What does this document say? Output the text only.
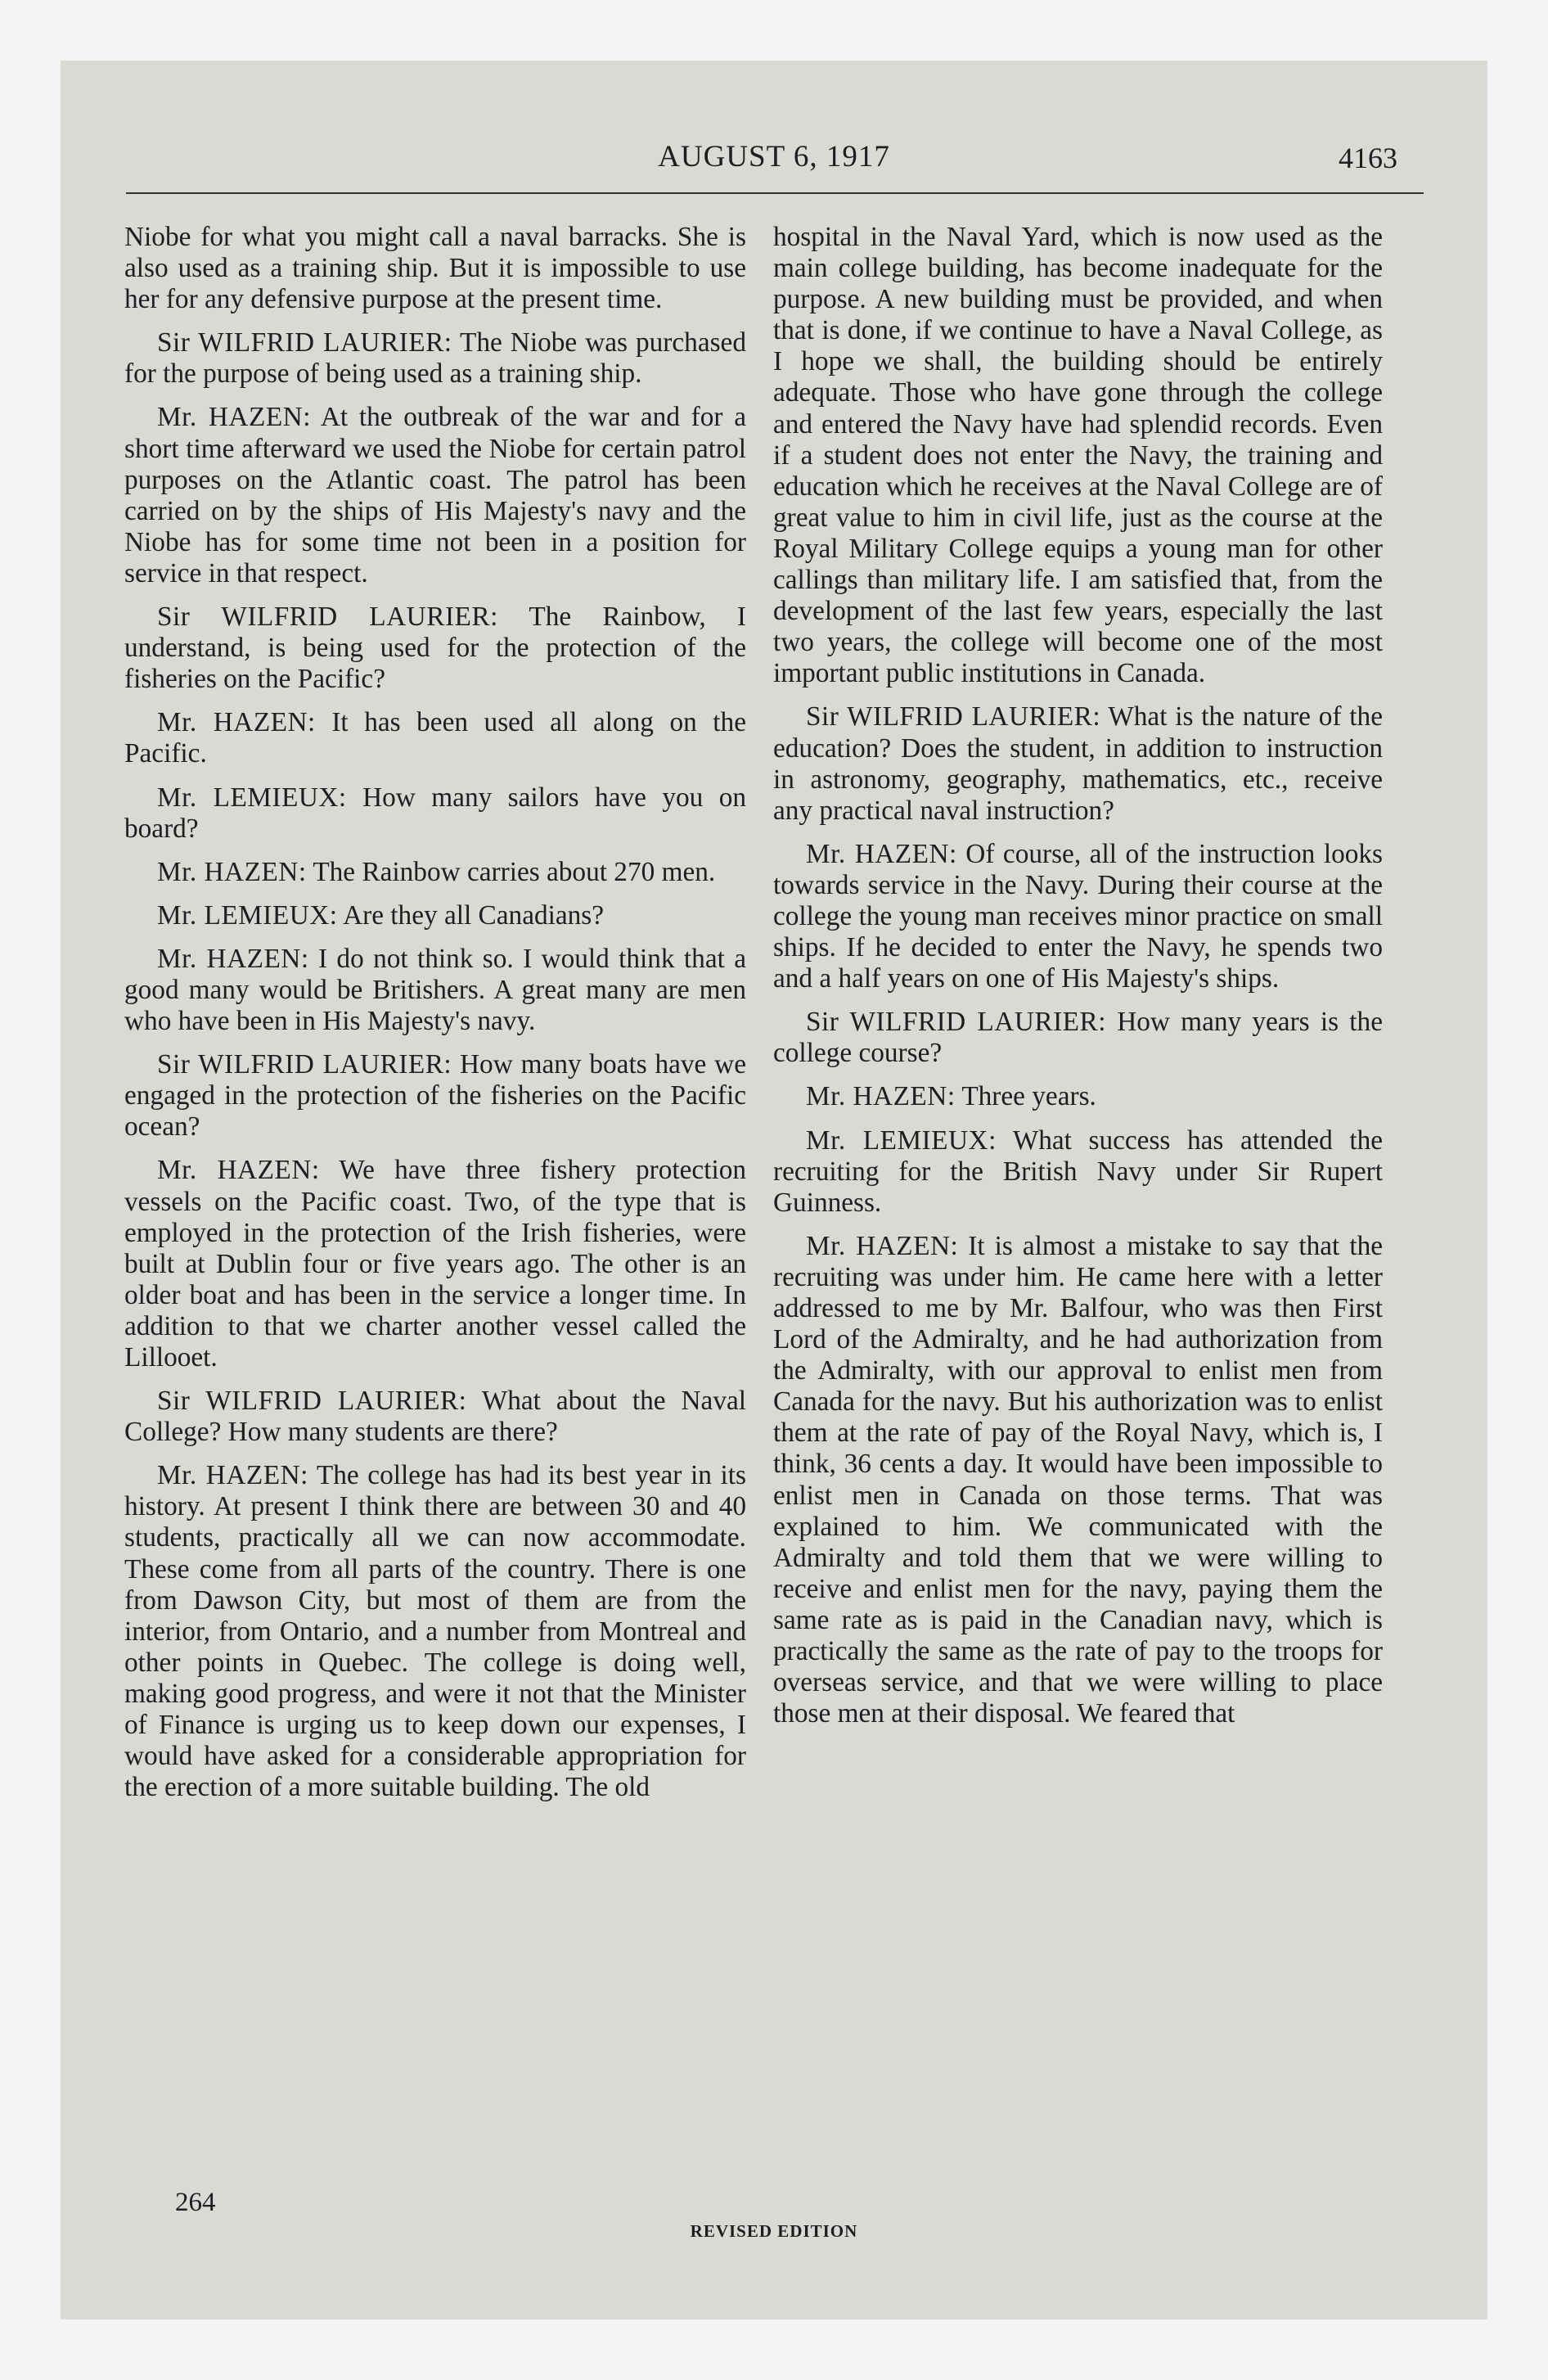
AUGUST 6, 1917	4163

Niobe for what you might call a naval barracks. She is also used as a training ship. But it is impossible to use her for any defensive purpose at the present time.

Sir WILFRID LAURIER: The Niobe was purchased for the purpose of being used as a training ship.

Mr. HAZEN: At the outbreak of the war and for a short time afterward we used the Niobe for certain patrol purposes on the Atlantic coast. The patrol has been carried on by the ships of His Majesty's navy and the Niobe has for some time not been in a position for service in that respect.

Sir WILFRID LAURIER: The Rainbow, I understand, is being used for the protection of the fisheries on the Pacific?

Mr. HAZEN: It has been used all along on the Pacific.

Mr. LEMIEUX: How many sailors have you on board?

Mr. HAZEN: The Rainbow carries about 270 men.

Mr. LEMIEUX: Are they all Canadians?

Mr. HAZEN: I do not think so. I would think that a good many would be Britishers. A great many are men who have been in His Majesty's navy.

Sir WILFRID LAURIER: How many boats have we engaged in the protection of the fisheries on the Pacific ocean?

Mr. HAZEN: We have three fishery protection vessels on the Pacific coast. Two, of the type that is employed in the protection of the Irish fisheries, were built at Dublin four or five years ago. The other is an older boat and has been in the service a longer time. In addition to that we charter another vessel called the Lillooet.

Sir WILFRID LAURIER: What about the Naval College? How many students are there?

Mr. HAZEN: The college has had its best year in its history. At present I think there are between 30 and 40 students, practically all we can now accommodate. These come from all parts of the country. There is one from Dawson City, but most of them are from the interior, from Ontario, and a number from Montreal and other points in Quebec. The college is doing well, making good progress, and were it not that the Minister of Finance is urging us to keep down our expenses, I would have asked for a considerable appropriation for the erection of a more suitable building. The old

hospital in the Naval Yard, which is now used as the main college building, has become inadequate for the purpose. A new building must be provided, and when that is done, if we continue to have a Naval College, as I hope we shall, the building should be entirely adequate. Those who have gone through the college and entered the Navy have had splendid records. Even if a student does not enter the Navy, the training and education which he receives at the Naval College are of great value to him in civil life, just as the course at the Royal Military College equips a young man for other callings than military life. I am satisfied that, from the development of the last few years, especially the last two years, the college will become one of the most important public institutions in Canada.

Sir WILFRID LAURIER: What is the nature of the education? Does the student, in addition to instruction in astronomy, geography, mathematics, etc., receive any practical naval instruction?

Mr. HAZEN: Of course, all of the instruction looks towards service in the Navy. During their course at the college the young man receives minor practice on small ships. If he decided to enter the Navy, he spends two and a half years on one of His Majesty's ships.

Sir WILFRID LAURIER: How many years is the college course?

Mr. HAZEN: Three years.

Mr. LEMIEUX: What success has attended the recruiting for the British Navy under Sir Rupert Guinness.

Mr. HAZEN: It is almost a mistake to say that the recruiting was under him. He came here with a letter addressed to me by Mr. Balfour, who was then First Lord of the Admiralty, and he had authorization from the Admiralty, with our approval to enlist men from Canada for the navy. But his authorization was to enlist them at the rate of pay of the Royal Navy, which is, I think, 36 cents a day. It would have been impossible to enlist men in Canada on those terms. That was explained to him. We communicated with the Admiralty and told them that we were willing to receive and enlist men for the navy, paying them the same rate as is paid in the Canadian navy, which is practically the same as the rate of pay to the troops for overseas service, and that we were willing to place those men at their disposal. We feared that

264
REVISED EDITION
